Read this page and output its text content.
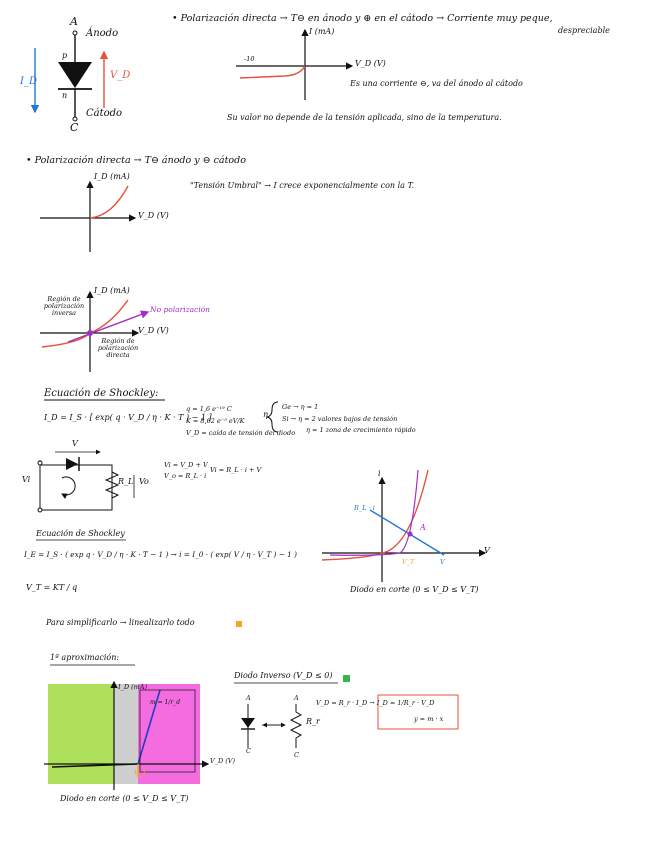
A
Ánodo
p
n
Cátodo
C
I_D
V_D
• Polarización directa → T⊖ en ánodo y ⊕ en el cátodo → Corriente muy peque,
despreciable
I (mA)
V_D (V)
-10
Es una corriente ⊖, va del ánodo al cátodo
Su valor no depende de la tensión aplicada, sino de la temperatura.
• Polarización directa → T⊖ ánodo y ⊖ cátodo
I_D (mA)
V_D (V)
"Tensión Umbral" → I crece exponencialmente con la T.
I_D (mA)
V_D (V)
Región de polarización inversa	No polarización
Región de polarización directa
Ecuación de Shockley:
I_D = I_S · [ exp( q · V_D / η · K · T ) − 1 ]
q = 1,6 e⁻¹⁹ C
K = 8,62 e⁻⁵ eV/K
V_D = caída de tensión del diodo
η
Ge → η = 1
Si → η = 2 valores bajos de tensión
η = 1 zona de crecimiento rápido
V
Vi	R_L Vo
Vi = V_D + V
V_o = R_L · i
Vi = R_L · i + V
Ecuación de Shockley
I_E = I_S · ( exp q · V_D / η · K · T − 1 ) → i = I_0 · ( exp( V / η · V_T ) − 1 )
V_T = KT / q
i
V
R_L · i
A
V_T	V
Diodo en corte (0 ≤ V_D ≤ V_T)
Para simplificarlo → linealizarlo todo
1ª aproximación:
I_D (mA)
V_D (V)
m = 1/r_d
V_T
Diodo en corte (0 ≤ V_D ≤ V_T)
Diodo Inverso (V_D ≤ 0)
A
C
A
C
R_r
V_D = R_r · I_D → I_D = 1/R_r · V_D
y = m · x
